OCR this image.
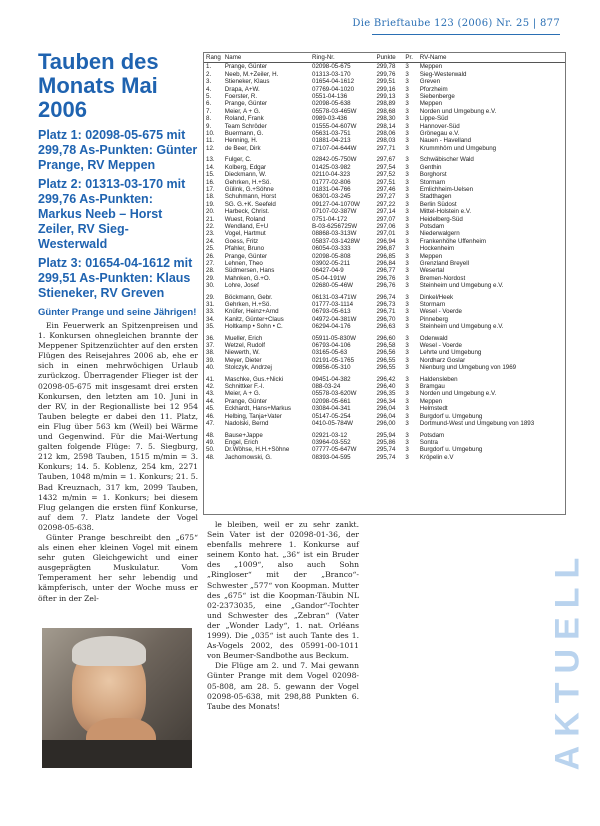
Die Brieftaube 123 (2006) Nr. 25 | 877
Tauben des Monats Mai 2006

Platz 1: 02098-05-675 mit 299,78 As-Punkten: Günter Prange, RV Meppen

Platz 2: 01313-03-170 mit 299,76 As-Punkten: Markus Neeb – Horst Zeiler, RV Sieg-Westerwald

Platz 3: 01654-04-1612 mit 299,51 As-Punkten: Klaus Stieneker, RV Greven

Günter Prange und seine Jährigen!

Ein Feuerwerk an Spitzenpreisen und 1. Konkursen ohnegleichen brannte der Meppener Spitzenzüchter auf den ersten Flügen des Reisejahres 2006 ab, ehe er sich in einen mehrwöchigen Urlaub zurückzog. Überragender Flieger ist der 02098-05-675 mit insgesamt drei ersten Konkursen, den letzten am 10. Juni in der RV, in der Regionalliste bei 12 954 Tauben belegte er dabei den 11. Platz, ein Flug über 563 km (Weil) bei Wärme und Gegenwind. Für die Mai-Wertung galten folgende Flüge: 7. 5. Siegburg, 212 km, 2598 Tauben, 1515 m/min = 3. Konkurs; 14. 5. Koblenz, 254 km, 2271 Tauben, 1048 m/min = 1. Konkurs; 21. 5. Bad Kreuznach, 317 km, 2099 Tauben, 1432 m/min = 1. Konkurs; bei diesem Flug gelangen die ersten fünf Konkurse, auf dem 7. Platz landete der Vogel 02098-05-638.

Günter Prange beschreibt den „675“ als einen eher kleinen Vogel mit einem sehr guten Gleichgewicht und einer ausgeprägten Muskulatur. Vom Temperament her sehr lebendig und kämpferisch, unter der Woche muss er öfter in der Zel-

Rang	Name	Ring-Nr.	Punkte	Pr.	RV-Name
1.	Prange, Günter	02098-05-675	299,78	3	Meppen
2.	Neeb, M.+Zeiler, H.	01313-03-170	299,76	3	Sieg-Westerwald
3.	Stieneker, Klaus	01654-04-1612	299,51	3	Greven
4.	Drapa, A+W.	07769-04-1020	299,16	3	Pforzheim
5.	Foerster, R.	0551-04-136	299,13	3	Siebenberge
6.	Prange, Günter	02098-05-638	298,89	3	Meppen
7.	Meier, A + G.	05578-03-465W	298,68	3	Norden und Umgebung e.V.
8.	Roland, Frank	0989-03-436	298,30	3	Lippe-Süd
9.	Team Schröder	01555-04-607W	298,14	3	Hannover-Süd
10.	Buermann, G.	05631-03-751	298,06	3	Grönegau e.V.
11.	Henning, H.	01881-04-213	298,03	3	Nauen - Havelland
12.	de Beer, Dirk	07107-04-644W	297,71	3	Krummhörn und Umgebung

13.	Fulger, C.	02842-05-750W	297,67	3	Schwäbischer Wald
14.	Kolberg, Edgar	01425-03-982	297,54	3	Genthin
15.	Dieckmann, W.	02110-04-323	297,52	3	Borghorst
16.	Gehrken, H.+Sö.	01777-02-806	297,51	3	Stormarn
17.	Gülink, G.+Söhne	01831-04-766	297,46	3	Emlichheim-Uelsen
18.	Schuhmann, Horst	06301-03-245	297,27	3	Stadthagen
19.	SG. G.+K. Seefeld	09127-04-1070W	297,22	3	Berlin Südost
20.	Harbeck, Christ.	07107-02-387W	297,14	3	Mittel-Holstein e.V.
21.	Wuest, Roland	0751-04-172	297,07	3	Heidelberg-Süd
22.	Wendland, E+U	B-03-6256725W	297,06	3	Potsdam
23.	Vogel, Hartmut	08868-03-313W	297,01	3	Niederwalgern
24.	Goess, Fritz	05837-03-1428W	296,94	3	Frankenhöhe Uffenheim
25.	Pfahler, Bruno	06054-03-333	296,87	3	Hockenheim
26.	Prange, Günter	02098-05-808	296,85	3	Meppen
27.	Lehnen, Theo	03902-05-211	296,84	3	Grenzland Breyell
28.	Südmersen, Hans	06427-04-9	296,77	3	Wesertal
29.	Mahnken, G.+O.	05-04-191W	296,76	3	Bremen-Nordost
30.	Lohre, Josef	02680-05-46W	296,76	3	Steinheim und Umgebung e.V.

29.	Böckmann, Gebr.	06131-03-471W	296,74	3	Dinkel/Heek
31.	Gehrken, H.+Sö.	01777-03-1114	296,73	3	Stormarn
33.	Knüfer, Heinz+Arnd	06793-05-613	296,71	3	Wesel - Voerde
34.	Kanitz, Günter+Claus	04972-04-381W	296,70	3	Pinneberg
35.	Holtkamp • Sohn • C.	06294-04-176	296,63	3	Steinheim und Umgebung e.V.

36.	Mueller, Erich	05911-05-830W	296,60	3	Odenwald
37.	Wetzel, Rudolf	06793-04-106	296,58	3	Wesel - Voerde
38.	Niewerth, W.	03165-05-63	296,56	3	Lehrte und Umgebung
39.	Meyer, Dieter	02191-05-1765	296,55	3	Nordharz Goslar
40.	Stolczyk, Andrzej	09856-05-310	296,55	3	Nienburg und Umgebung von 1969

41.	Maschke, Gus.+Nicki	09451-04-382	296,42	3	Haldensleben
42.	Schnittker F.-I.	088-03-24	296,40	3	Bramgau
43.	Meier, A + G.	05578-03-620W	296,35	3	Norden und Umgebung e.V.
44.	Prange, Günter	02098-05-661	296,34	3	Meppen
45.	Eckhardt, Hans+Markus	03084-04-341	296,04	3	Helmstedt
46.	Helbing, Tanja+Vater	05147-05-254	296,04	3	Burgdorf u. Umgebung
47.	Nadolski, Bernd	0410-05-784W	296,00	3	Dortmund-West und Umgebung von 1893

48.	Bause+Jappe	02921-03-12	295,94	3	Potsdam
49.	Engel, Erich	03964-03-552	295,86	3	Sontra
50.	Dr.Wöhse, H.H.+Söhne	07777-05-647W	295,74	3	Burgdorf u. Umgebung
48.	Jachomowski, G.	08393-04-595	295,74	3	Kröpelin e.V

le bleiben, weil er zu sehr zankt. Sein Vater ist der 02098-01-36, der ebenfalls mehrere 1. Konkurse auf seinem Konto hat. „36“ ist ein Bruder des „1009“, also auch Sohn „Ringloser“ mit der „Branco“-Schwester „577“ von Koopman. Mutter des „675“ ist die Koopman-Täubin NL 02-2373035, eine „Gandor“-Tochter und Schwester des „Zebran“ (Vater der „Wonder Lady“, 1. nat. Orléans 1999). Die „035“ ist auch Tante des 1. As-Vogels 2002, des 05991-00-1011 von Beumer-Sandbothe aus Beckum.

Die Flüge am 2. und 7. Mai gewann Günter Prange mit dem Vogel 02098-05-808, am 28. 5. gewann der Vogel 02098-05-638, mit 298,88 Punkten 6. Taube des Monats!	AKTUELL
